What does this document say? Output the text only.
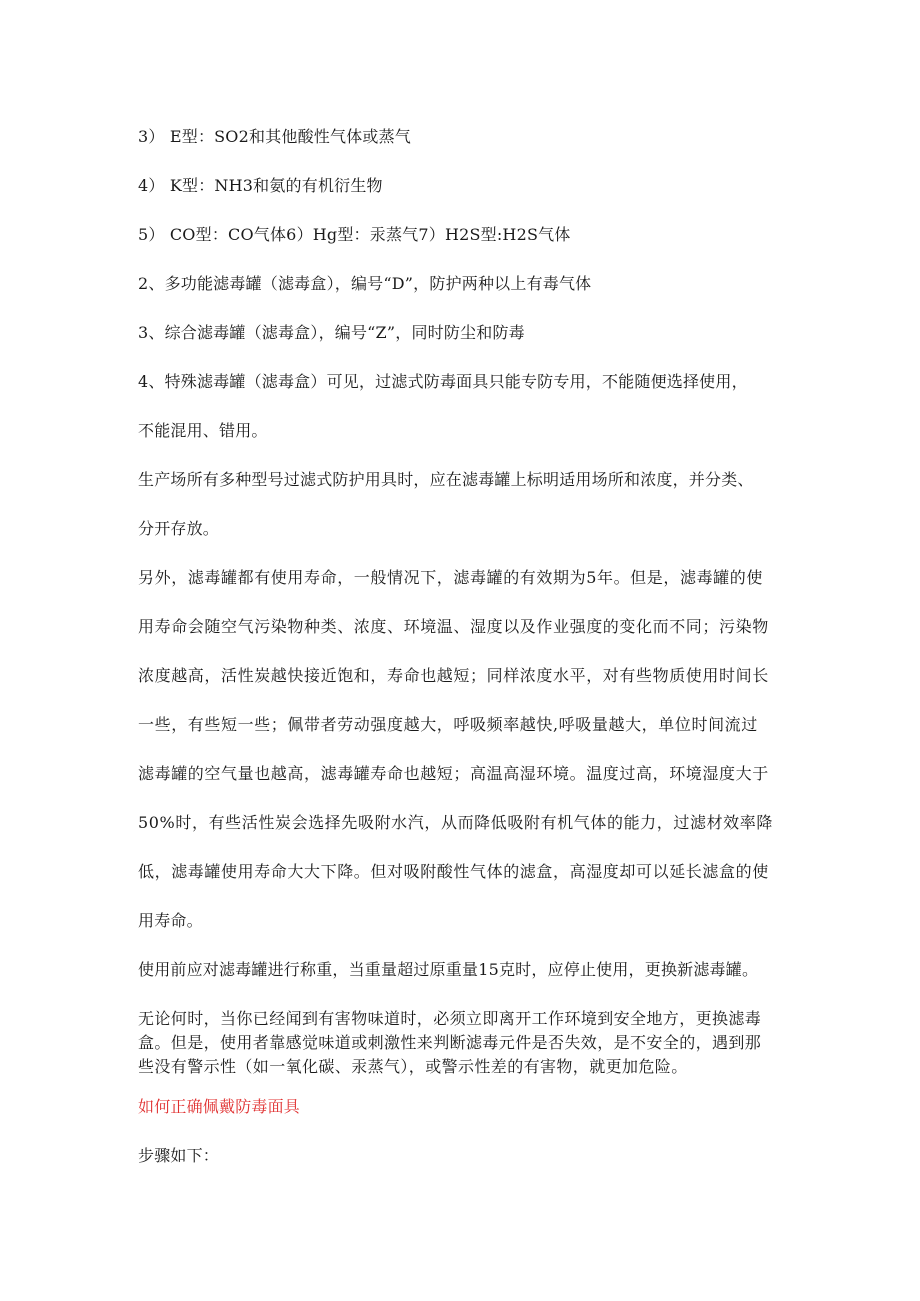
3） E型：SO2和其他酸性气体或蒸气
4） K型：NH3和氨的有机衍生物
5） CO型：CO气体6）Hg型：汞蒸气7）H2S型:H2S气体
2、多功能滤毒罐（滤毒盒），编号“D”，防护两种以上有毒气体
3、综合滤毒罐（滤毒盒），编号“Z”，同时防尘和防毒
4、特殊滤毒罐（滤毒盒）可见，过滤式防毒面具只能专防专用，不能随便选择使用，
不能混用、错用。
生产场所有多种型号过滤式防护用具时，应在滤毒罐上标明适用场所和浓度，并分类、
分开存放。
另外，滤毒罐都有使用寿命，一般情况下，滤毒罐的有效期为5年。但是，滤毒罐的使
用寿命会随空气污染物种类、浓度、环境温、湿度以及作业强度的变化而不同；污染物
浓度越高，活性炭越快接近饱和，寿命也越短；同样浓度水平，对有些物质使用时间长
一些，有些短一些；佩带者劳动强度越大，呼吸频率越快,呼吸量越大，单位时间流过
滤毒罐的空气量也越高，滤毒罐寿命也越短；高温高湿环境。温度过高，环境湿度大于
50%时，有些活性炭会选择先吸附水汽，从而降低吸附有机气体的能力，过滤材效率降
低，滤毒罐使用寿命大大下降。但对吸附酸性气体的滤盒，高湿度却可以延长滤盒的使
用寿命。
使用前应对滤毒罐进行称重，当重量超过原重量15克时，应停止使用，更换新滤毒罐。
无论何时，当你已经闻到有害物味道时，必须立即离开工作环境到安全地方，更换滤毒
盒。但是，使用者靠感觉味道或刺激性来判断滤毒元件是否失效，是不安全的，遇到那
些没有警示性（如一氧化碳、汞蒸气），或警示性差的有害物，就更加危险。
如何正确佩戴防毒面具
步骤如下：
